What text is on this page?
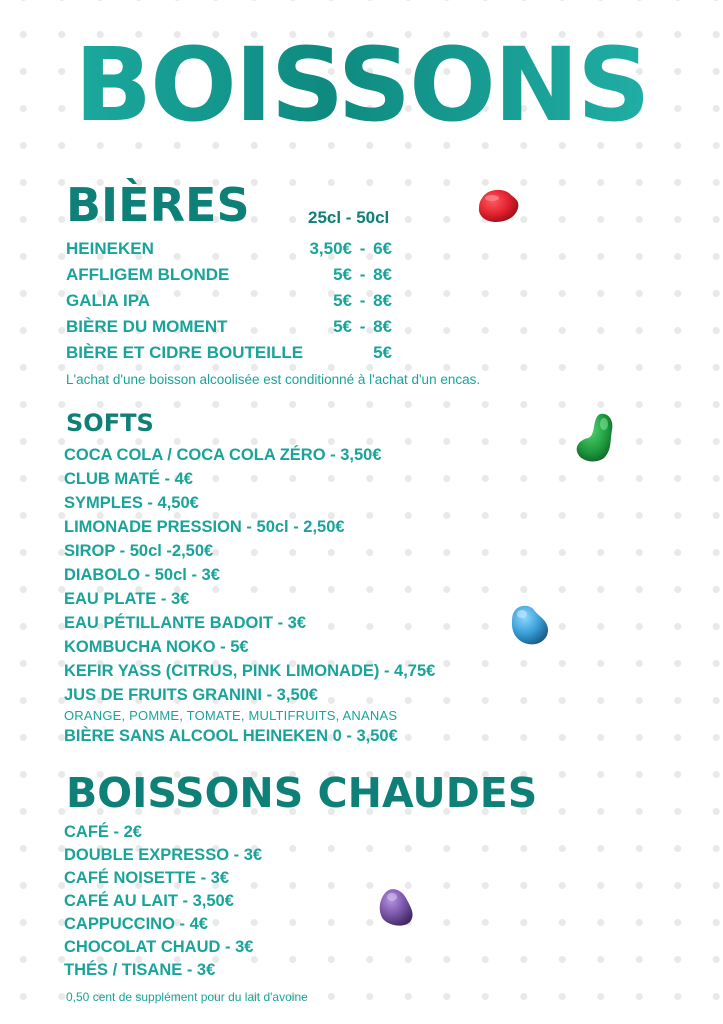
BOISSONS
BIÈRES	25cl - 50cl
HEINEKEN	3,50€ - 6€
AFFLIGEM BLONDE	5€ - 8€
GALIA IPA	5€ - 8€
BIÈRE DU MOMENT	5€ - 8€
BIÈRE ET CIDRE BOUTEILLE	5€

L'achat d'une boisson alcoolisée est conditionné à l'achat d'un encas.

SOFTS
COCA COLA / COCA COLA ZÉRO - 3,50€
CLUB MATÉ - 4€
SYMPLES - 4,50€
LIMONADE PRESSION - 50cl - 2,50€
SIROP - 50cl -2,50€
DIABOLO - 50cl - 3€
EAU PLATE - 3€
EAU PÉTILLANTE BADOIT - 3€
KOMBUCHA NOKO - 5€
KEFIR YASS (CITRUS, PINK LIMONADE) - 4,75€
JUS DE FRUITS GRANINI - 3,50€
ORANGE, POMME, TOMATE, MULTIFRUITS, ANANAS
BIÈRE SANS ALCOOL HEINEKEN 0 - 3,50€
BOISSONS CHAUDES
CAFÉ - 2€
DOUBLE EXPRESSO - 3€
CAFÉ NOISETTE - 3€
CAFÉ AU LAIT - 3,50€
CAPPUCCINO - 4€
CHOCOLAT CHAUD - 3€
THÉS / TISANE - 3€

0,50 cent de supplément pour du lait d'avoine
